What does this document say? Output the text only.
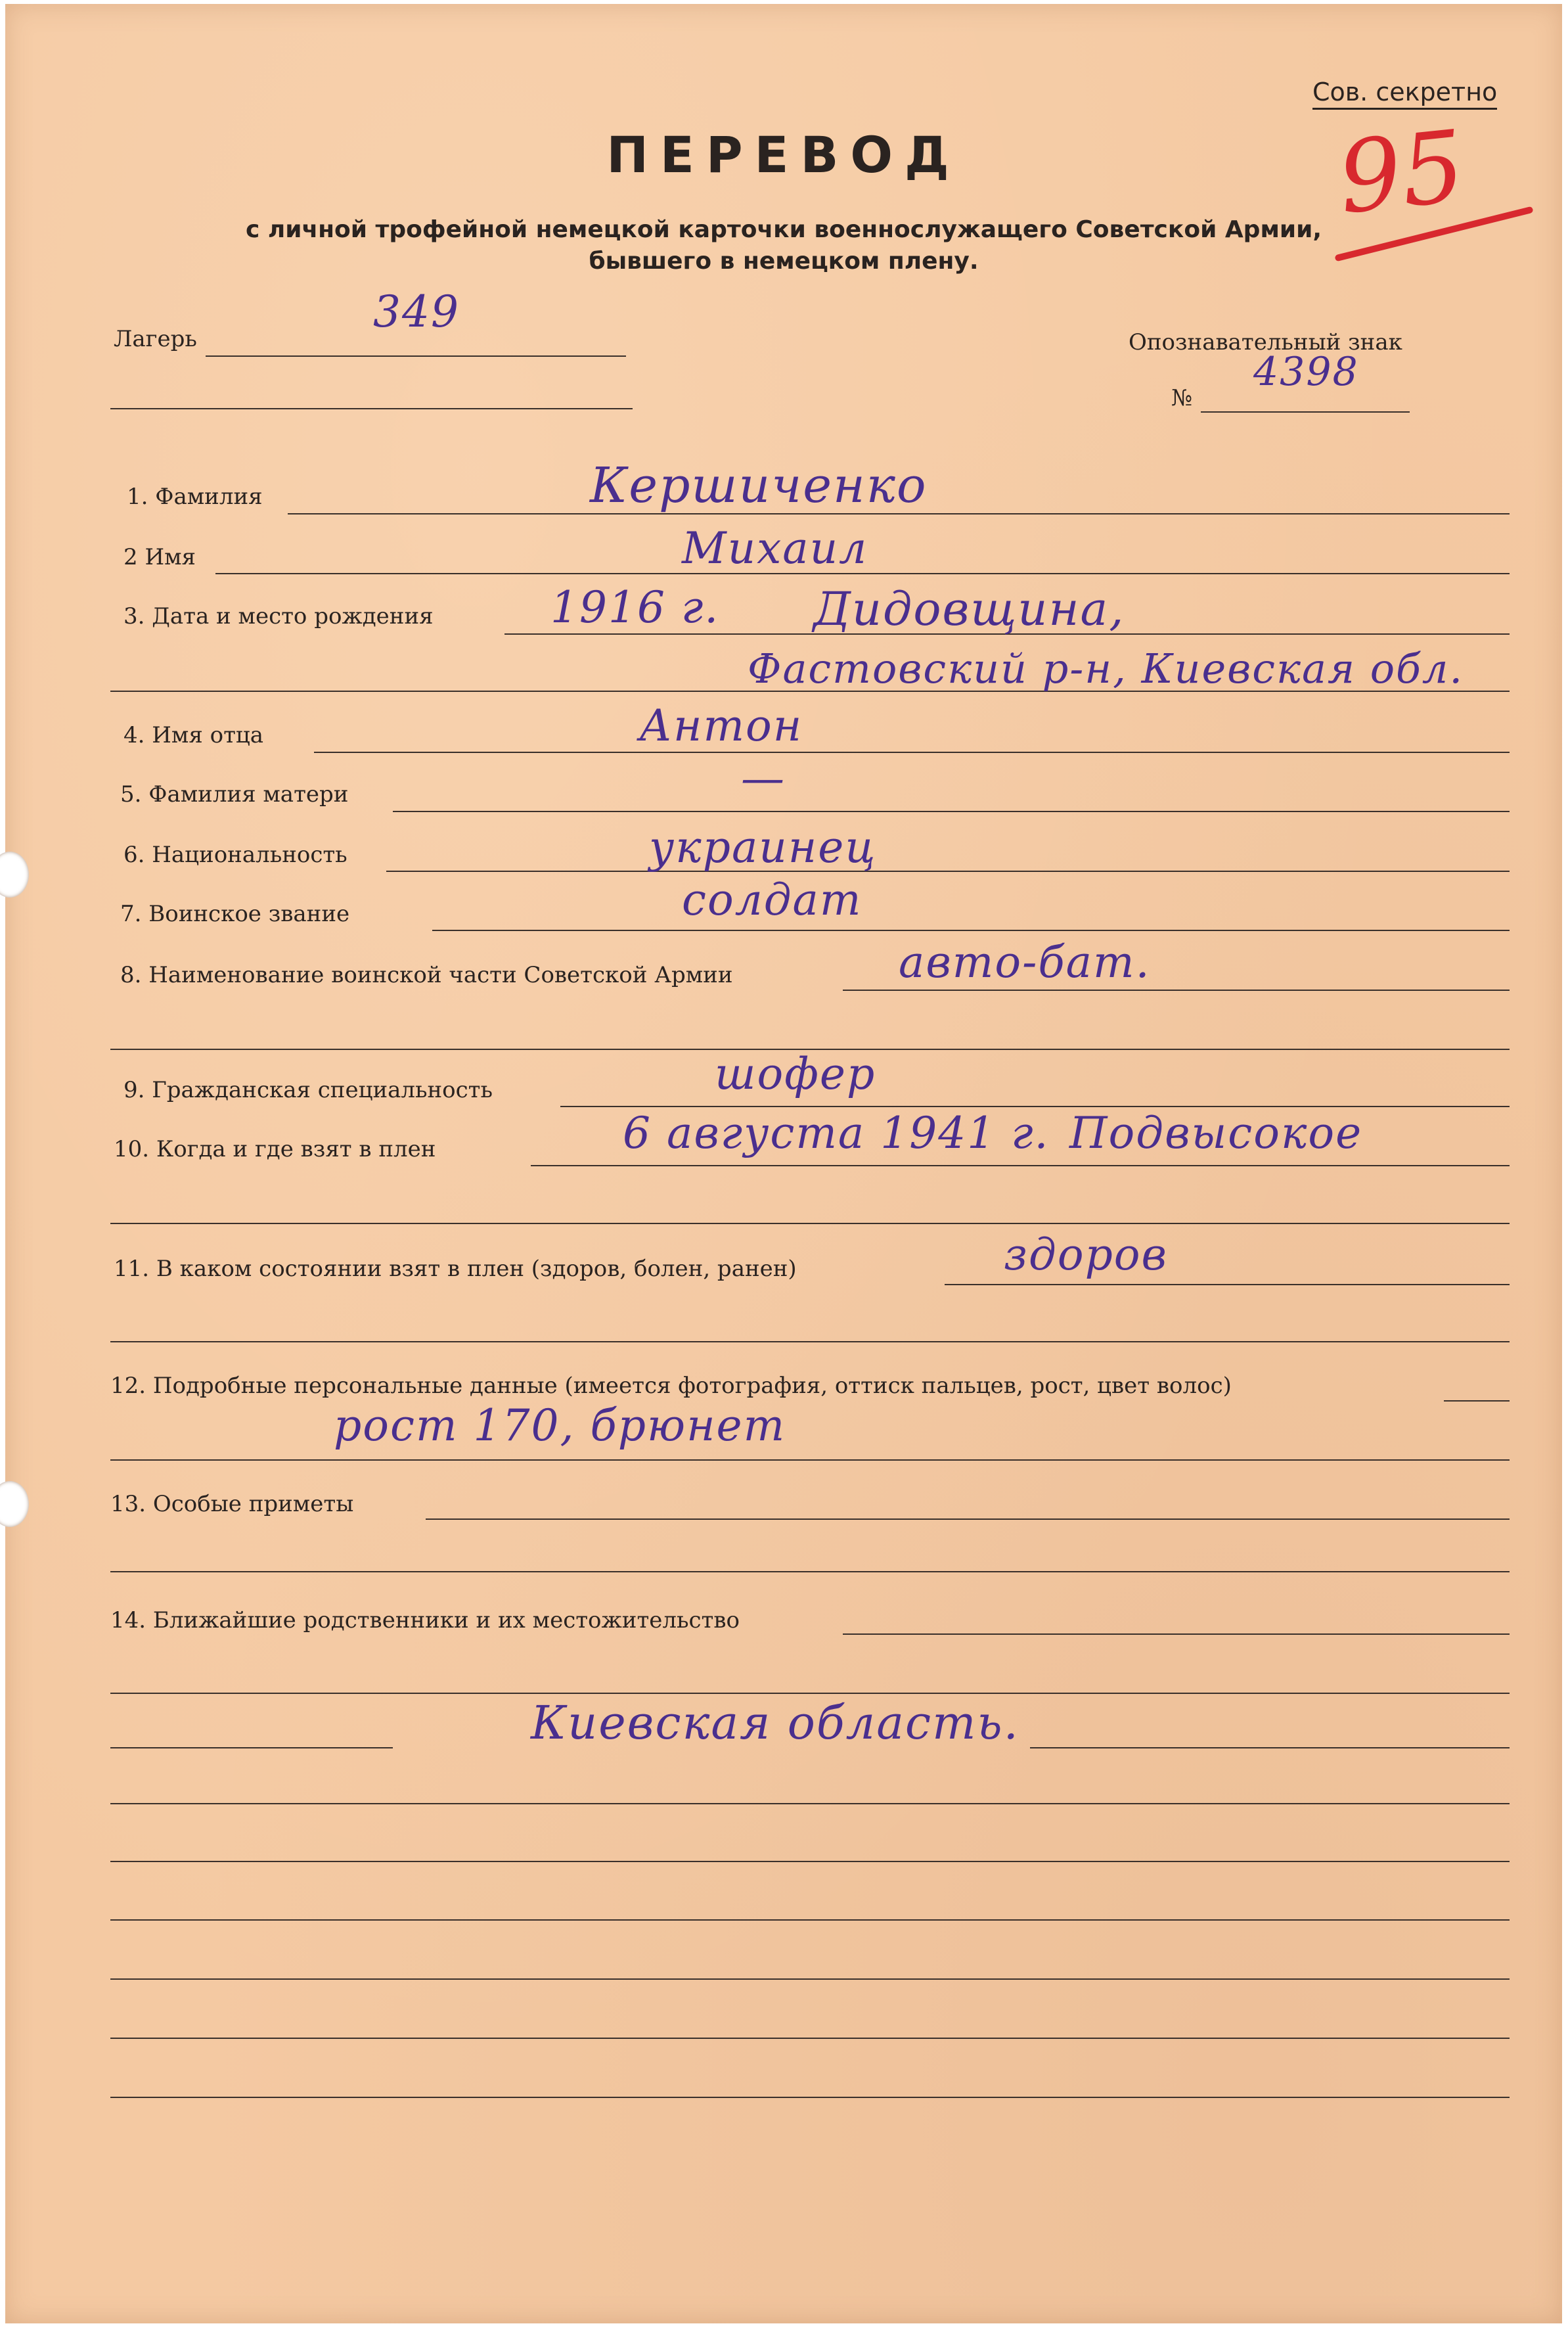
Сов. секретно
95
ПЕРЕВОД
с личной трофейной немецкой карточки военнослужащего Советской Армии,
бывшего в немецком плену.
Лагерь
349
Опознавательный знак
№
4398
1. Фамилия	Кершиченко
2 Имя	Михаил
3. Дата и место рождения	1916 г. Дидовщина,
Фастовский р-н, Киевская обл.
4. Имя отца	Антон
5. Фамилия матери	—
6. Национальность	украинец
7. Воинское звание	солдат
8. Наименование воинской части Советской Армии	авто-бат.
9. Гражданская специальность	шофер
10. Когда и где взят в плен	6 августа 1941 г. Подвысокое
11. В каком состоянии взят в плен (здоров, болен, ранен)	здоров
12. Подробные персональные данные (имеется фотография, оттиск пальцев, рост, цвет волос)
рост 170, брюнет
13. Особые приметы
14. Ближайшие родственники и их местожительство
Киевская область.
